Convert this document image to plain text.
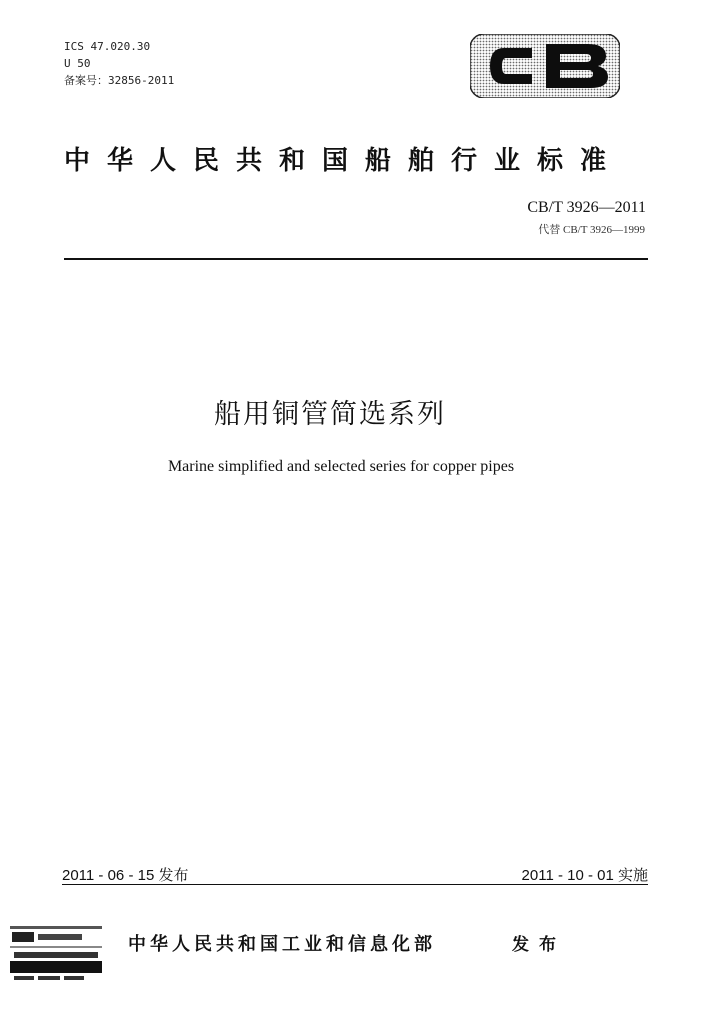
ICS 47.020.30
U 50
备案号：32856-2011
中华人民共和国船舶行业标准
CB/T 3926—2011
代替 CB/T 3926—1999
船用铜管简选系列
Marine simplified and selected series for copper pipes
2011 - 06 - 15 发布	2011 - 10 - 01 实施
中华人民共和国工业和信息化部	发布
